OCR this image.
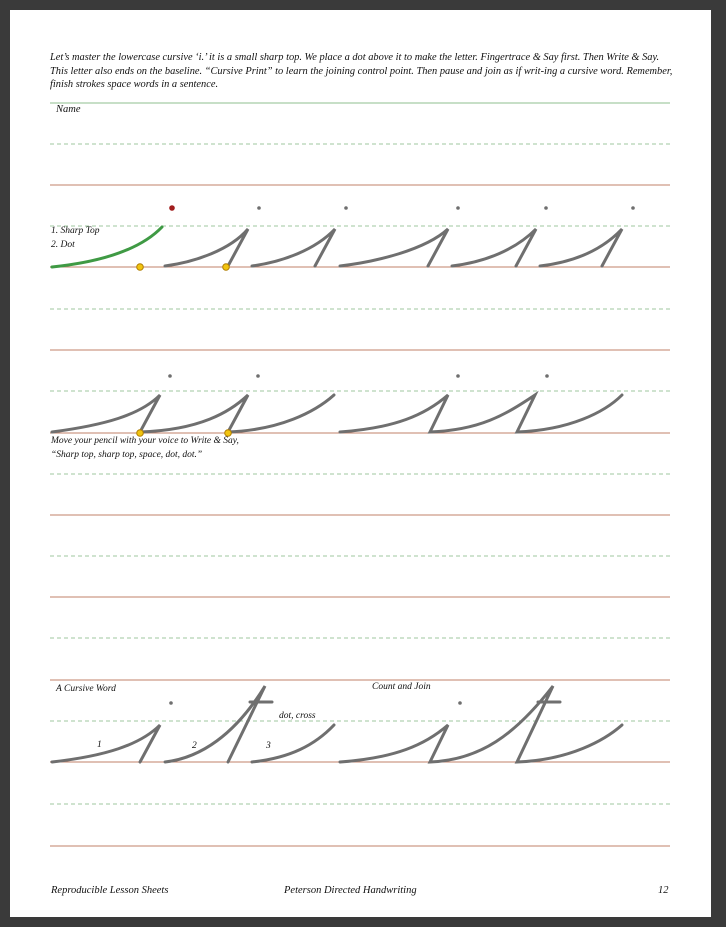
Let’s master the lowercase cursive ‘i.’ it is a small sharp top. We place a dot above it to make the letter. Fingertrace & Say first. Then Write & Say. This letter also ends on the baseline. “Cursive Print” to learn the joining control point. Then pause and join as if writ-ing a cursive word. Remember, finish strokes space words in a sentence.
Name
1. Sharp Top
2. Dot
Move your pencil with your voice to Write & Say,
“Sharp top, sharp top, space, dot, dot.”
A Cursive Word	Count and Join
1	2	3
dot, cross
Reproducible Lesson Sheets	Peterson Directed Handwriting	12
